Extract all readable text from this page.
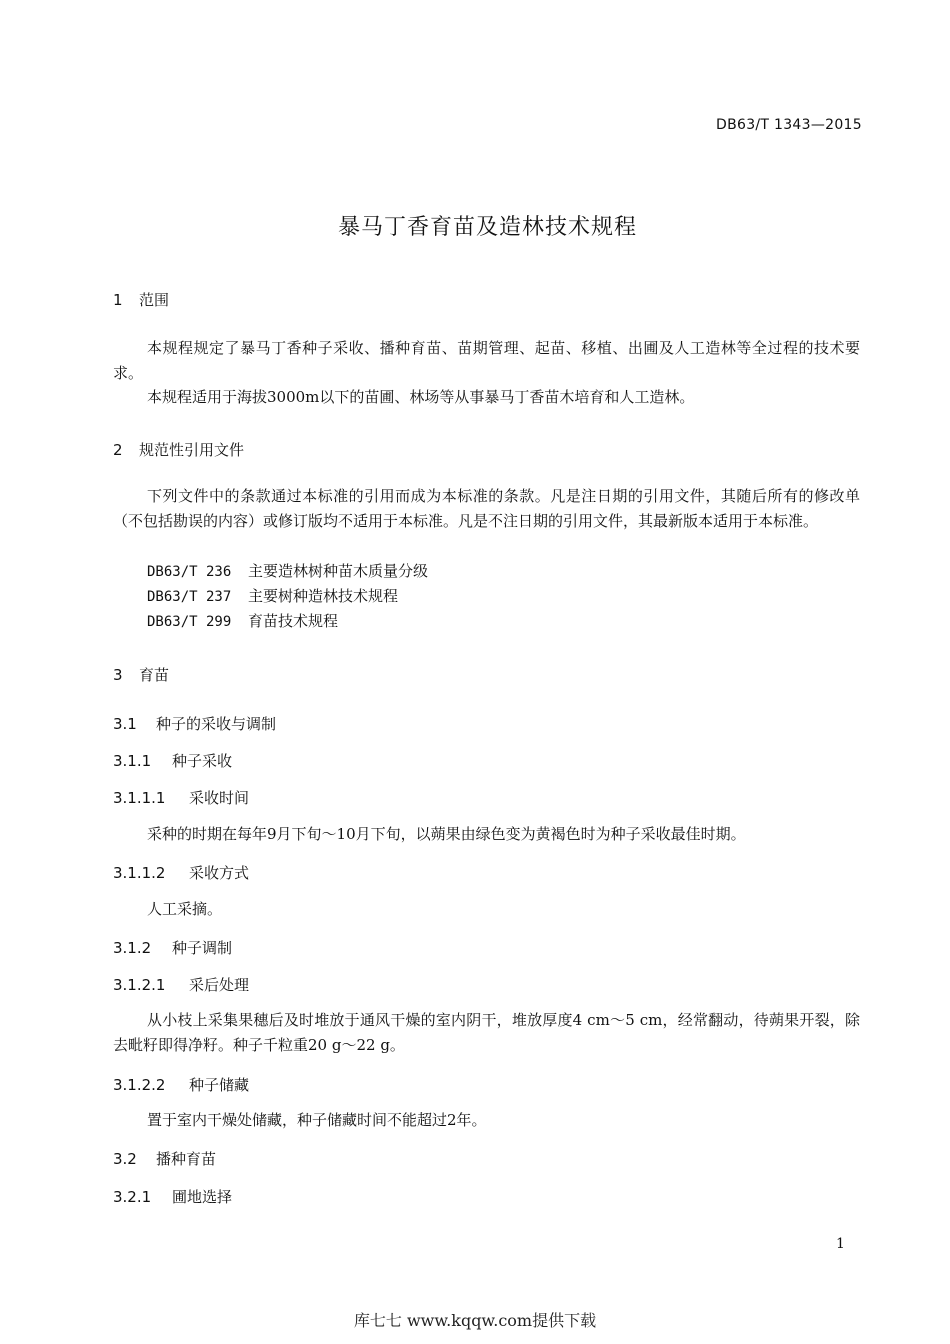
DB63/T 1343—2015
暴马丁香育苗及造林技术规程
1 范围
本规程规定了暴马丁香种子采收、播种育苗、苗期管理、起苗、移植、出圃及人工造林等全过程的技术要求。
本规程适用于海拔3000m以下的苗圃、林场等从事暴马丁香苗木培育和人工造林。
2 规范性引用文件
下列文件中的条款通过本标准的引用而成为本标准的条款。凡是注日期的引用文件，其随后所有的修改单（不包括勘误的内容）或修订版均不适用于本标准。凡是不注日期的引用文件，其最新版本适用于本标准。
DB63/T 236 主要造林树种苗木质量分级
DB63/T 237 主要树种造林技术规程
DB63/T 299 育苗技术规程
3 育苗
3.1 种子的采收与调制
3.1.1 种子采收
3.1.1.1 采收时间
采种的时期在每年9月下旬～10月下旬，以蒴果由绿色变为黄褐色时为种子采收最佳时期。
3.1.1.2 采收方式
人工采摘。
3.1.2 种子调制
3.1.2.1 采后处理
从小枝上采集果穗后及时堆放于通风干燥的室内阴干，堆放厚度4 cm～5 cm，经常翻动，待蒴果开裂，除去毗籽即得净籽。种子千粒重20 g～22 g。
3.1.2.2 种子储藏
置于室内干燥处储藏，种子储藏时间不能超过2年。
3.2 播种育苗
3.2.1 圃地选择
1
库七七 www.kqqw.com提供下载
